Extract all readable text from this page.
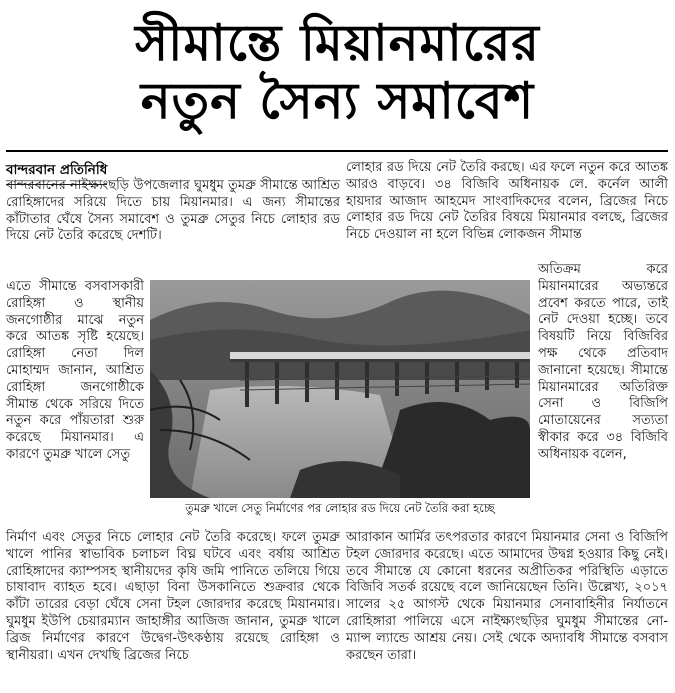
সীমান্তে মিয়ানমারের
নতুন সৈন্য সমাবেশ
বান্দরবান প্রতিনিধি
বান্দরবানের নাইক্ষ্যংছড়ি উপজেলার ঘুমধুম তুমব্রু সীমান্তে আশ্রিত রোহিঙ্গাদের সরিয়ে দিতে চায় মিয়ানমার। এ জন্য সীমান্তের কাঁটাতার ঘেঁষে সৈন্য সমাবেশ ও তুমব্রু সেতুর নিচে লোহার রড দিয়ে নেট তৈরি করেছে দেশটি।
এতে সীমান্তে বসবাসকারী রোহিঙ্গা ও স্থানীয় জনগোষ্ঠীর মাঝে নতুন করে আতঙ্ক সৃষ্টি হয়েছে। রোহিঙ্গা নেতা দিল মোহাম্মদ জানান, আশ্রিত রোহিঙ্গা জনগোষ্ঠীকে সীমান্ত থেকে সরিয়ে দিতে নতুন করে পাঁয়তারা শুরু করেছে মিয়ানমার। এ কারণে তুমব্রু খালে সেতু
নির্মাণ এবং সেতুর নিচে লোহার নেট তৈরি করেছে। ফলে তুমব্রু খালে পানির স্বাভাবিক চলাচল বিঘ্ন ঘটবে এবং বর্ষায় আশ্রিত রোহিঙ্গাদের ক্যাম্পসহ স্থানীয়দের কৃষি জমি পানিতে তলিয়ে গিয়ে চাষাবাদ ব্যাহত হবে। এছাড়া বিনা উসকানিতে শুক্রবার থেকে কাঁটা তারের বেড়া ঘেঁষে সেনা টহল জোরদার করেছে মিয়ানমার। ঘুমধুম ইউপি চেয়ারম্যান জাহাঙ্গীর আজিজ জানান, তুমব্রু খালে ব্রিজ নির্মাণের কারণে উদ্বেগ-উৎকণ্ঠায় রয়েছে রোহিঙ্গা ও স্থানীয়রা। এখন দেখছি ব্রিজের নিচে
লোহার রড দিয়ে নেট তৈরি করছে। এর ফলে নতুন করে আতঙ্ক আরও বাড়বে। ৩৪ বিজিবি অধিনায়ক লে. কর্নেল আলী হায়দার আজাদ আহমেদ সাংবাদিকদের বলেন, ব্রিজের নিচে লোহার রড দিয়ে নেট তৈরির বিষয়ে মিয়ানমার বলছে, ব্রিজের নিচে দেওয়াল না হলে বিভিন্ন লোকজন সীমান্ত
অতিক্রম করে মিয়ানমারের অভ্যন্তরে প্রবেশ করতে পারে, তাই নেট দেওয়া হচ্ছে। তবে বিষয়টি নিয়ে বিজিবির পক্ষ থেকে প্রতিবাদ জানানো হয়েছে। সীমান্তে মিয়ানমারের অতিরিক্ত সেনা ও বিজিপি মোতায়েনের সত্যতা স্বীকার করে ৩৪ বিজিবি অধিনায়ক বলেন,
আরাকান আর্মির তৎপরতার কারণে মিয়ানমার সেনা ও বিজিপি টহল জোরদার করেছে। এতে আমাদের উদ্বগ্ন হওয়ার কিছু নেই। তবে সীমান্তে যে কোনো ধরনের অপ্রীতিকর পরিস্থিতি এড়াতে বিজিবি সতর্ক রয়েছে বলে জানিয়েছেন তিনি। উল্লেখ্য, ২০১৭ সালের ২৫ আগস্ট থেকে মিয়ানমার সেনাবাহিনীর নির্যাতনে রোহিঙ্গারা পালিয়ে এসে নাইক্ষ্যংছড়ির ঘুমধুম সীমান্তের নো-ম্যান্স ল্যান্ডে আশ্রয় নেয়। সেই থেকে অদ্যাবধি সীমান্তে বসবাস করছেন তারা।
তুমব্রু খালে সেতু নির্মাণের পর লোহার রড দিয়ে নেট তৈরি করা হচ্ছে
